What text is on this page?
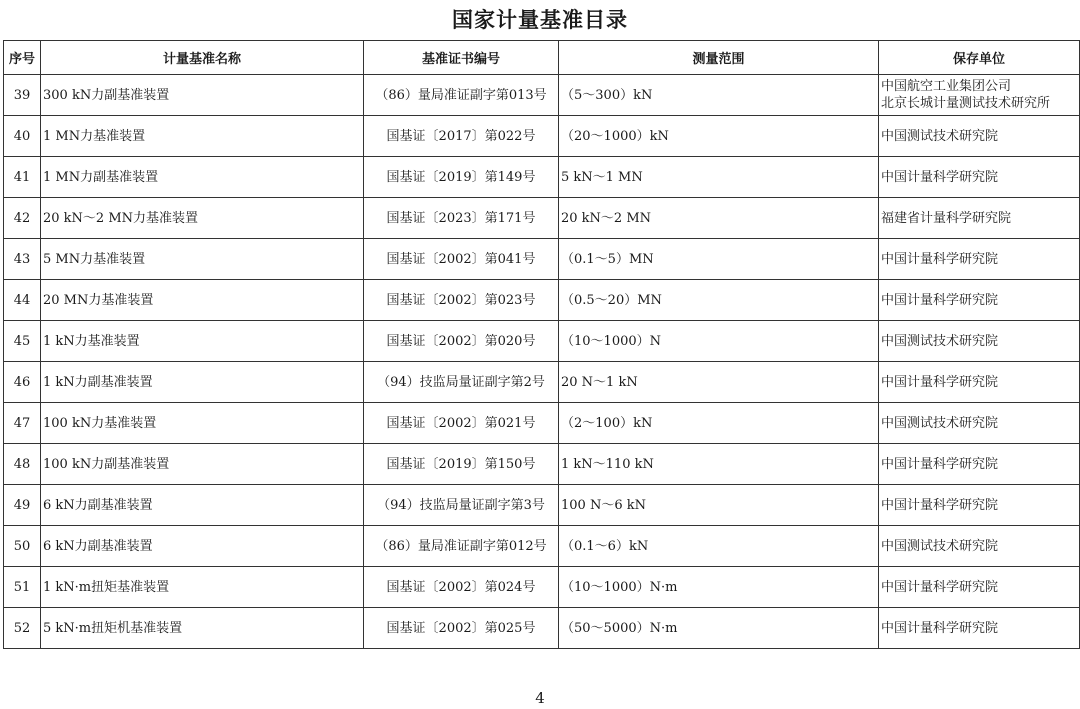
国家计量基准目录
序号	计量基准名称	基准证书编号	测量范围	保存单位
39	300 kN力副基准装置	（86）量局准证副字第013号	（5～300）kN	中国航空工业集团公司
北京长城计量测试技术研究所

40	1 MN力基准装置	国基证〔2017〕第022号	（20～1000）kN	中国测试技术研究院

41	1 MN力副基准装置	国基证〔2019〕第149号	5 kN～1 MN	中国计量科学研究院

42	20 kN～2 MN力基准装置	国基证〔2023〕第171号	20 kN～2 MN	福建省计量科学研究院

43	5 MN力基准装置	国基证〔2002〕第041号	（0.1～5）MN	中国计量科学研究院

44	20 MN力基准装置	国基证〔2002〕第023号	（0.5～20）MN	中国计量科学研究院

45	1 kN力基准装置	国基证〔2002〕第020号	（10～1000）N	中国测试技术研究院

46	1 kN力副基准装置	（94）技监局量证副字第2号	20 N～1 kN	中国计量科学研究院

47	100 kN力基准装置	国基证〔2002〕第021号	（2～100）kN	中国测试技术研究院

48	100 kN力副基准装置	国基证〔2019〕第150号	1 kN～110 kN	中国计量科学研究院

49	6 kN力副基准装置	（94）技监局量证副字第3号	100 N～6 kN	中国计量科学研究院

50	6 kN力副基准装置	（86）量局准证副字第012号	（0.1～6）kN	中国测试技术研究院

51	1 kN·m扭矩基准装置	国基证〔2002〕第024号	（10～1000）N·m	中国计量科学研究院

52	5 kN·m扭矩机基准装置	国基证〔2002〕第025号	（50～5000）N·m	中国计量科学研究院
4
